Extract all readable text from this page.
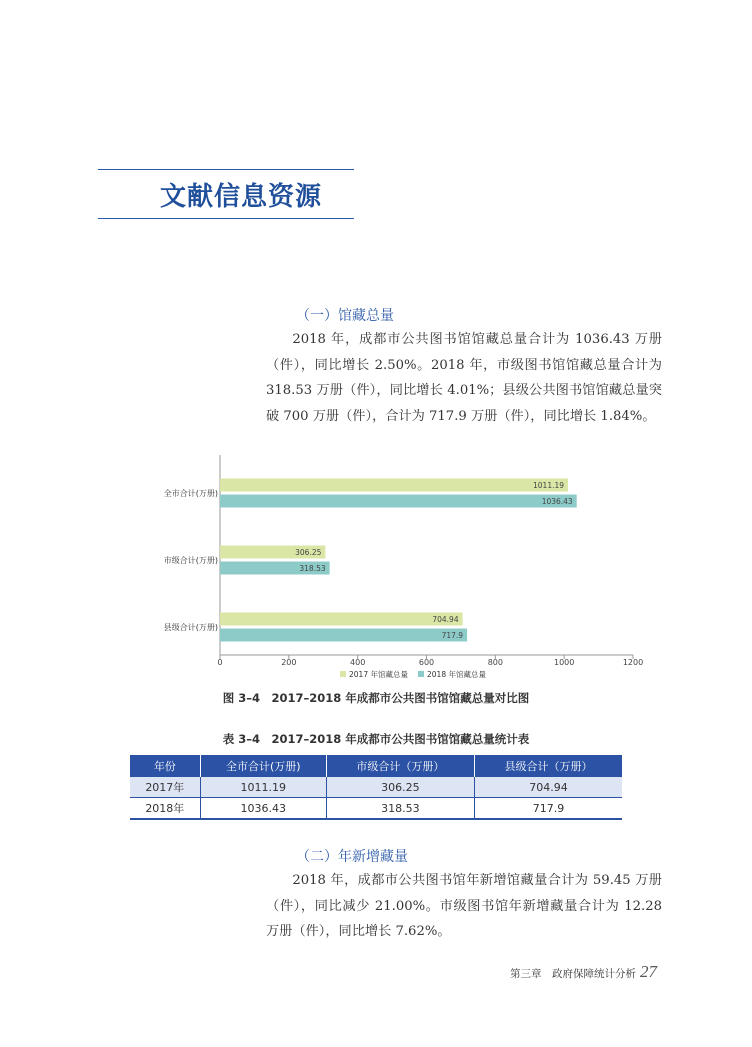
文献信息资源
（一）馆藏总量

2018 年，成都市公共图书馆馆藏总量合计为 1036.43 万册（件），同比增长 2.50%。2018 年，市级图书馆馆藏总量合计为 318.53 万册（件），同比增长 4.01%；县级公共图书馆馆藏总量突破 700 万册（件），合计为 717.9 万册（件），同比增长 1.84%。

0	200	400	600	800	1000	1200
全市合计(万册)
1011.19
1036.43
市级合计(万册)
306.25
318.53
县级合计(万册)
704.94
717.9
2017 年馆藏总量	2018 年馆藏总量
图 3–4　2017–2018 年成都市公共图书馆馆藏总量对比图
表 3–4　2017–2018 年成都市公共图书馆馆藏总量统计表
年份	全市合计(万册)	市级合计（万册）	县级合计（万册）
2017年	1011.19	306.25	704.94
2018年	1036.43	318.53	717.9
（二）年新增藏量

2018 年，成都市公共图书馆年新增馆藏量合计为 59.45 万册（件），同比减少 21.00%。市级图书馆年新增藏量合计为 12.28 万册（件），同比增长 7.62%。

第三章　政府保障统计分析 27
